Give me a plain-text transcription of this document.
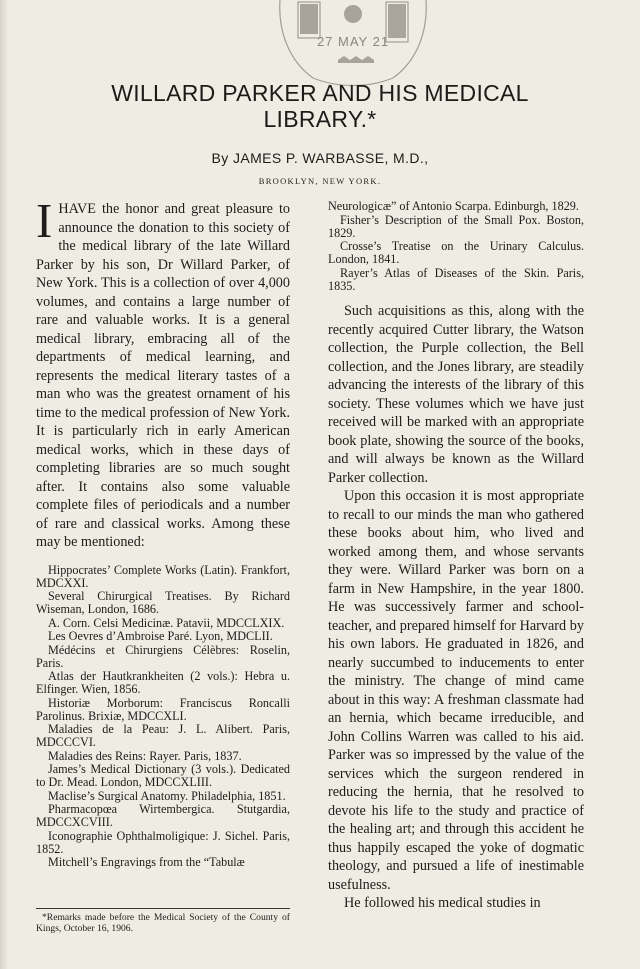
27 MAY 21
WILLARD PARKER AND HIS MEDICAL
LIBRARY.*
By JAMES P. WARBASSE, M.D.,
BROOKLYN, NEW YORK.

IHAVE the honor and great pleasure to announce the donation to this society of the medical library of the late Willard Parker by his son, Dr Willard Parker, of New York. This is a collection of over 4,000 volumes, and contains a large number of rare and valuable works. It is a general medical library, embracing all of the departments of medical learning, and represents the medical literary tastes of a man who was the greatest ornament of his time to the medical profession of New York. It is particularly rich in early American medical works, which in these days of completing libraries are so much sought after. It contains also some valuable complete files of periodicals and a number of rare and classical works. Among these may be mentioned:

Hippocrates’ Complete Works (Latin). Frankfort, MDCXXI.

Several Chirurgical Treatises. By Richard Wiseman, London, 1686.

A. Corn. Celsi Medicinæ. Patavii, MDCCLXIX.

Les Oevres d’Ambroise Paré. Lyon, MDCLII.

Médécins et Chirurgiens Célèbres: Roselin, Paris.

Atlas der Hautkrankheiten (2 vols.): Hebra u. Elfinger. Wien, 1856.

Historiæ Morborum: Franciscus Roncalli Parolinus. Brixiæ, MDCCXLI.

Maladies de la Peau: J. L. Alibert. Paris, MDCCCVI.

Maladies des Reins: Rayer. Paris, 1837.

James’s Medical Dictionary (3 vols.). Dedicated to Dr. Mead. London, MDCCXLIII.

Maclise’s Surgical Anatomy. Philadelphia, 1851.

Pharmacopœa Wirtembergica. Stutgardia, MDCCXCVIII.

Iconographie Ophthalmoligique: J. Sichel. Paris, 1852.

Mitchell’s Engravings from the “Tabulæ

*Remarks made before the Medical Society of the County of Kings, October 16, 1906.

Neurologicæ” of Antonio Scarpa. Edinburgh, 1829.

Fisher’s Description of the Small Pox. Boston, 1829.

Crosse’s Treatise on the Urinary Calculus. London, 1841.

Rayer’s Atlas of Diseases of the Skin. Paris, 1835.

Such acquisitions as this, along with the recently acquired Cutter library, the Watson collection, the Purple collection, the Bell collection, and the Jones library, are steadily advancing the interests of the library of this society. These volumes which we have just received will be marked with an appropriate book plate, showing the source of the books, and will always be known as the Willard Parker collection.

Upon this occasion it is most appropriate to recall to our minds the man who gathered these books about him, who lived and worked among them, and whose servants they were. Willard Parker was born on a farm in New Hampshire, in the year 1800. He was successively farmer and school-teacher, and prepared himself for Harvard by his own labors. He graduated in 1826, and nearly succumbed to inducements to enter the ministry. The change of mind came about in this way: A freshman classmate had an hernia, which became irreducible, and John Collins Warren was called to his aid. Parker was so impressed by the value of the services which the surgeon rendered in reducing the hernia, that he resolved to devote his life to the study and practice of the healing art; and through this accident he thus happily escaped the yoke of dogmatic theology, and pursued a life of inestimable usefulness.

He followed his medical studies in
